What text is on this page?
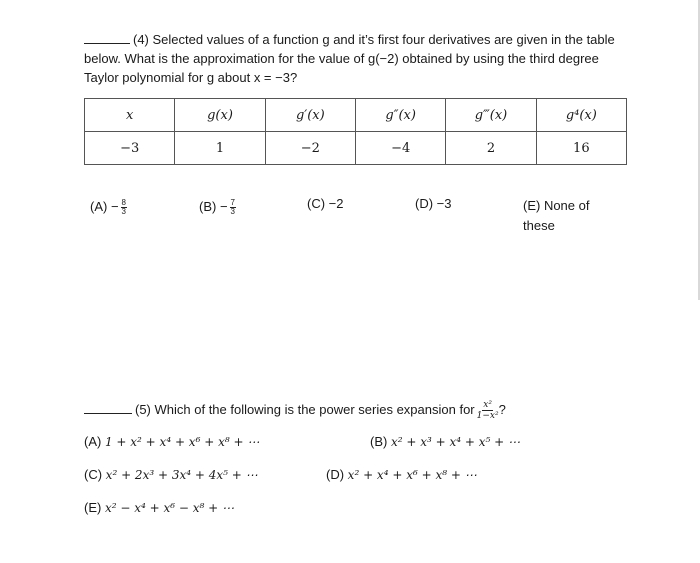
(4) Selected values of a function g and it’s first four derivatives are given in the table

below. What is the approximation for the value of g(−2) obtained by using the third degree

Taylor polynomial for g about x = −3?

x	g(x)	g′(x)	g″(x)	g‴(x)	g⁴(x)
−3	1	−2	−4	2	16
$(A) - \frac{8}{3}$	$(B) - \frac{7}{3}$	(C) −2	(D) −3	(E) None of
these
(5) Which of the following is the power series expansion for $\frac{\text{x²}}{\text{1−x²}}$ ?
(A) 1 + x² + x⁴ + x⁶ + x⁸ + ⋯	(B) x² + x³ + x⁴ + x⁵ + ⋯
(C) x² + 2x³ + 3x⁴ + 4x⁵ + ⋯	(D) x² + x⁴ + x⁶ + x⁸ + ⋯
(E) x² − x⁴ + x⁶ − x⁸ + ⋯
